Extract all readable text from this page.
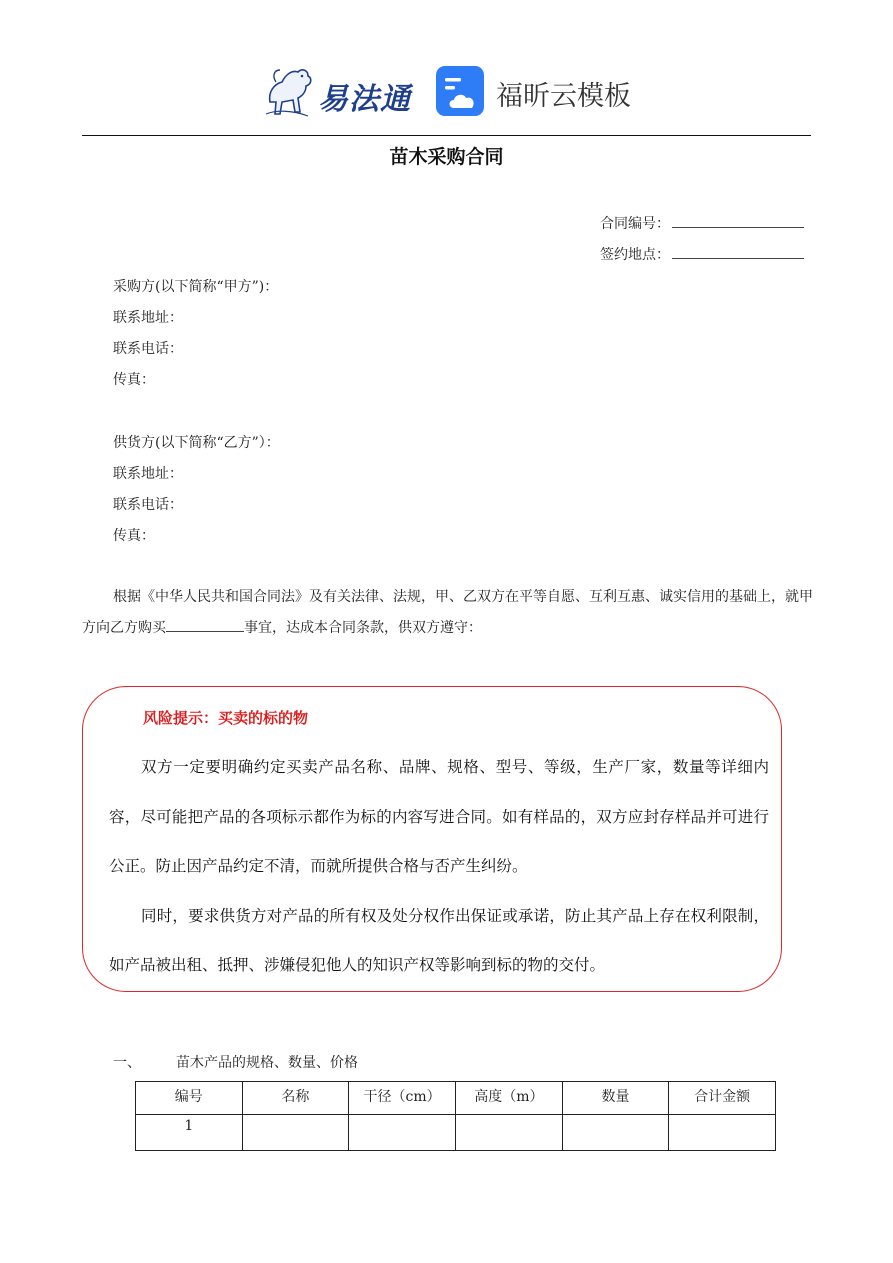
易法通	福昕云模板
苗木采购合同
合同编号：
签约地点：
采购方(以下简称“甲方”)：
联系地址：
联系电话：
传真：
供货方(以下简称“乙方”）：
联系地址：
联系电话：
传真：
根据《中华人民共和国合同法》及有关法律、法规，甲、乙双方在平等自愿、互利互惠、诚实信用的基础上，就甲方向乙方购买	事宜，达成本合同条款，供双方遵守：
风险提示：买卖的标的物

双方一定要明确约定买卖产品名称、品牌、规格、型号、等级，生产厂家，数量等详细内容，尽可能把产品的各项标示都作为标的内容写进合同。如有样品的，双方应封存样品并可进行公正。防止因产品约定不清，而就所提供合格与否产生纠纷。

同时，要求供货方对产品的所有权及处分权作出保证或承诺，防止其产品上存在权利限制，如产品被出租、抵押、涉嫌侵犯他人的知识产权等影响到标的物的交付。

一、	苗木产品的规格、数量、价格
编号	名称	干径（cm）	高度（m）	数量	合计金额
1					
